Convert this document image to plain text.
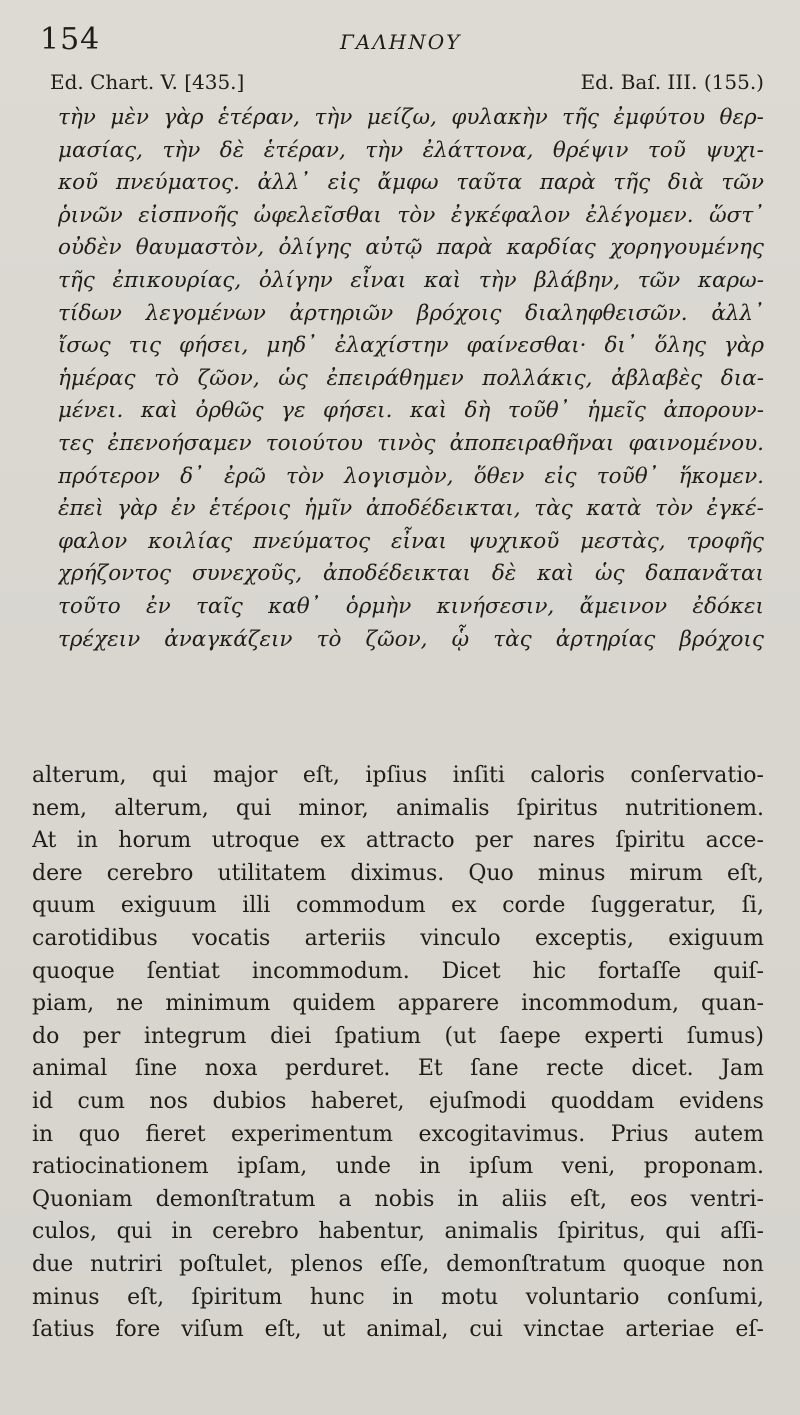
154	ΓΑΛΗΝΟΥ
Ed. Chart. V. [435.]	Ed. Baſ. III. (155.)
τὴν μὲν γὰρ ἑτέραν, τὴν μείζω, φυλακὴν τῆς ἐμφύτου θερ-
μασίας, τὴν δὲ ἑτέραν, τὴν ἐλάττονα, θρέψιν τοῦ ψυχι-
κοῦ πνεύματος. ἀλλ᾽ εἰς ἄμφω ταῦτα παρὰ τῆς διὰ τῶν
ῥινῶν εἰσπνοῆς ὠφελεῖσθαι τὸν ἐγκέφαλον ἐλέγομεν. ὥστ᾽
οὐδὲν θαυμαστὸν, ὀλίγης αὐτῷ παρὰ καρδίας χορηγουμένης
τῆς ἐπικουρίας, ὀλίγην εἶναι καὶ τὴν βλάβην, τῶν καρω-
τίδων λεγομένων ἀρτηριῶν βρόχοις διαληφθεισῶν. ἀλλ᾽
ἴσως τις φήσει, μηδ᾽ ἐλαχίστην φαίνεσθαι· δι᾽ ὅλης γὰρ
ἡμέρας τὸ ζῶον, ὡς ἐπειράθημεν πολλάκις, ἀβλαβὲς δια-
μένει. καὶ ὀρθῶς γε φήσει. καὶ δὴ τοῦθ᾽ ἡμεῖς ἀπορουν-
τες ἐπενοήσαμεν τοιούτου τινὸς ἀποπειραθῆναι φαινομένου.
πρότερον δ᾽ ἐρῶ τὸν λογισμὸν, ὅθεν εἰς τοῦθ᾽ ἥκομεν.
ἐπεὶ γὰρ ἐν ἑτέροις ἡμῖν ἀποδέδεικται, τὰς κατὰ τὸν ἐγκέ-
φαλον κοιλίας πνεύματος εἶναι ψυχικοῦ μεστὰς, τροφῆς
χρήζοντος συνεχοῦς, ἀποδέδεικται δὲ καὶ ὡς δαπανᾶται
τοῦτο ἐν ταῖς καθ᾽ ὁρμὴν κινήσεσιν, ἄμεινον ἐδόκει
τρέχειν ἀναγκάζειν τὸ ζῶον, ᾧ τὰς ἀρτηρίας βρόχοις
alterum, qui major eſt, ipſius inſiti caloris conſervatio-
nem, alterum, qui minor, animalis ſpiritus nutritionem.
At in horum utroque ex attracto per nares ſpiritu acce-
dere cerebro utilitatem diximus. Quo minus mirum eſt,
quum exiguum illi commodum ex corde ſuggeratur, ſi,
carotidibus vocatis arteriis vinculo exceptis, exiguum
quoque ſentiat incommodum. Dicet hic fortaſſe quiſ-
piam, ne minimum quidem apparere incommodum, quan-
do per integrum diei ſpatium (ut ſaepe experti ſumus)
animal ſine noxa perduret. Et ſane recte dicet. Jam
id cum nos dubios haberet, ejuſmodi quoddam evidens
in quo fieret experimentum excogitavimus. Prius autem
ratiocinationem ipſam, unde in ipſum veni, proponam.
Quoniam demonſtratum a nobis in aliis eſt, eos ventri-
culos, qui in cerebro habentur, animalis ſpiritus, qui aſſi-
due nutriri poſtulet, plenos eſſe, demonſtratum quoque non
minus eſt, ſpiritum hunc in motu voluntario conſumi,
ſatius fore viſum eſt, ut animal, cui vinctae arteriae eſ-
